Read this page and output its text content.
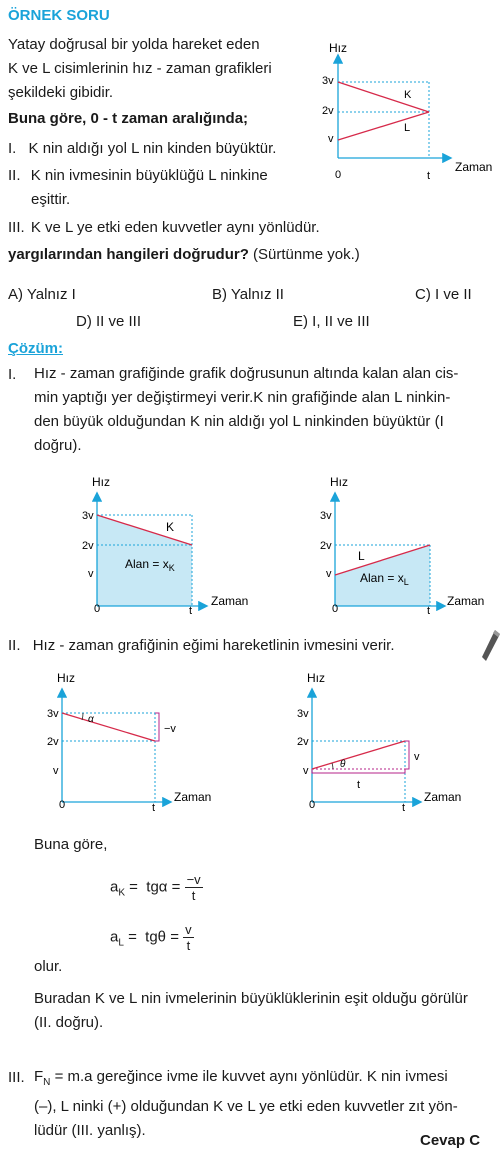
ÖRNEK SORU
Yatay doğrusal bir yolda hareket eden
K ve L cisimlerinin hız - zaman grafikleri
şekildeki gibidir.
Buna göre, 0 - t zaman aralığında;
I. K nin aldığı yol L nin kinden büyüktür.
II. K nin ivmesinin büyüklüğü L ninkine
eşittir.
III. K ve L ye etki eden kuvvetler aynı yönlüdür.
yargılarından hangileri doğrudur? (Sürtünme yok.)
Hız
Zaman
3v
2v
v
0	t
K
L
A) Yalnız I	B) Yalnız II	C) I ve II
D) II ve III	E) I, II ve III
Çözüm:
I. Hız - zaman grafiğinde grafik doğrusunun altında kalan alan cis-
min yaptığı yer değiştirmeyi verir.K nin grafiğinde alan L ninkin-
den büyük olduğundan K nin aldığı yol L ninkinden büyüktür (I
doğru).
Hız
Zaman
3v
2v
v
0	t
K
Alan = $x_K$
Hız
Zaman
3v
2v
v
0	t
L
Alan = $x_L$
II. Hız - zaman grafiğinin eğimi hareketlinin ivmesini verir.
α
−v
Hız
Zaman
3v
2v
v
0	t
θ
v
t
Hız
Zaman
3v
2v
v
0	t
Buna göre,
$a_K = tg\alpha = \frac{-v}{t}$
$a_L = tg\theta = \frac{v}{t}$
olur.
Buradan K ve L nin ivmelerinin büyüklüklerinin eşit olduğu görülür
(II. doğru).
III. $F_N = m.a$ gereğince ivme ile kuvvet aynı yönlüdür. K nin ivmesi
(–), L ninki (+) olduğundan K ve L ye etki eden kuvvetler zıt yön-
lüdür (III. yanlış).
Cevap C
